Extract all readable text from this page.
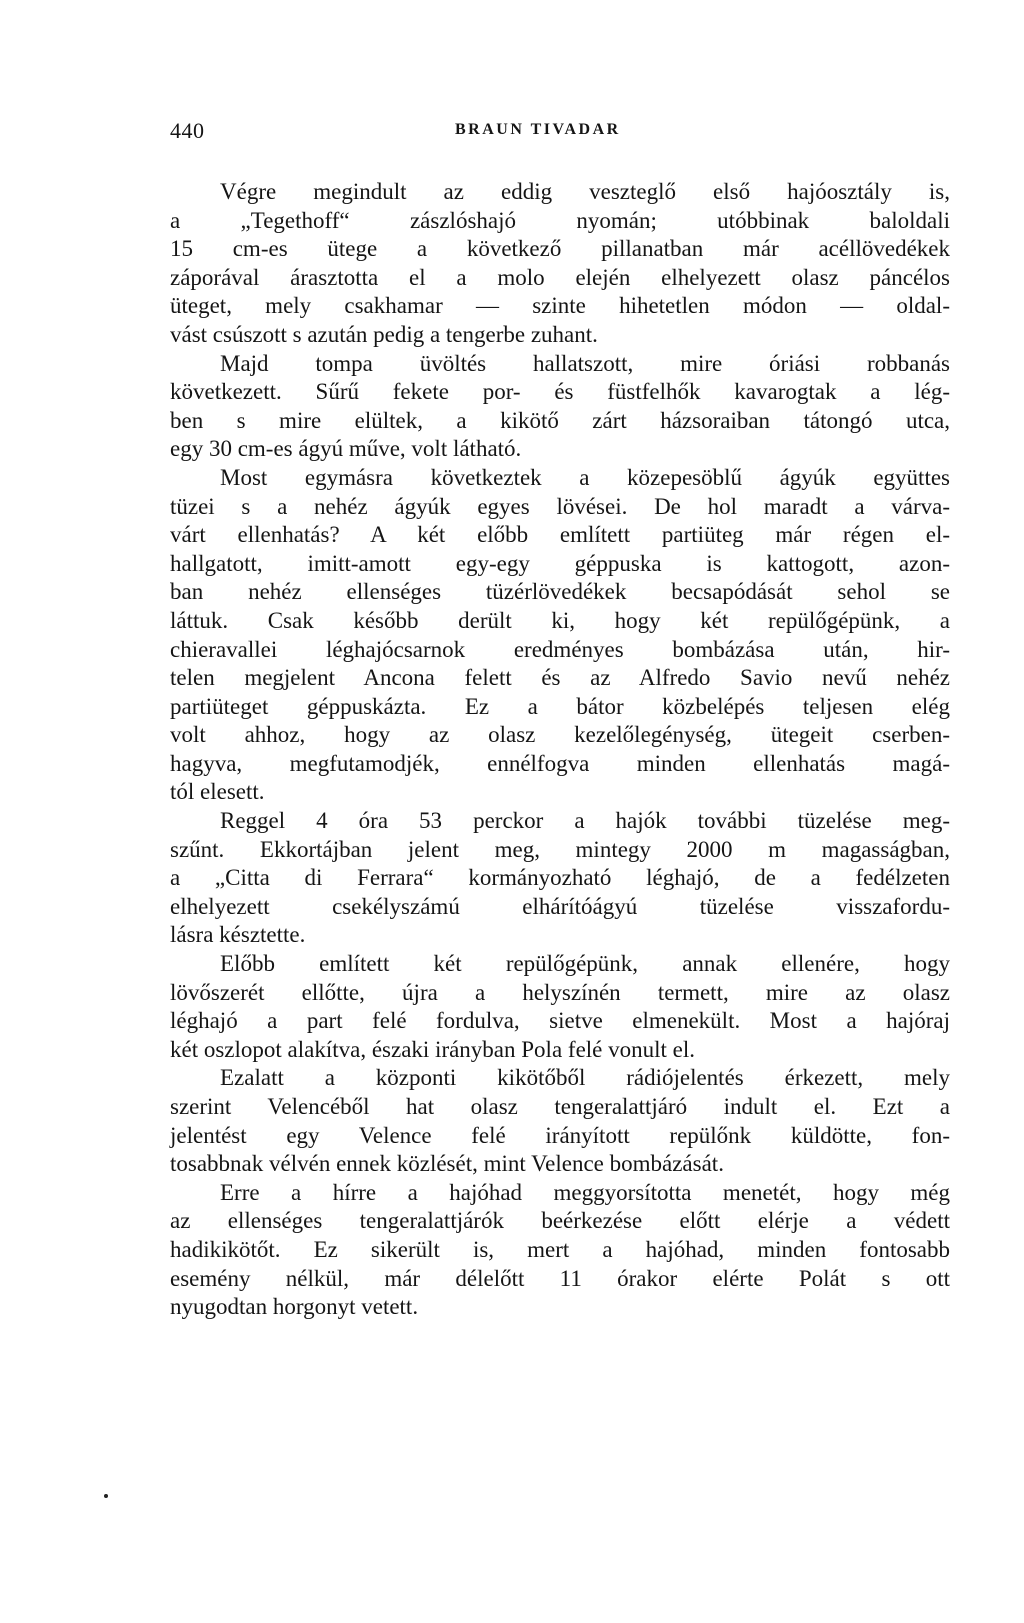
440	BRAUN TIVADAR
Végre megindult az eddig veszteglő első hajóosztály is,
a „Tegethoff“ zászlóshajó nyomán; utóbbinak baloldali
15 cm-es ütegе a következő pillanatban már acéllövedékek
záporával árasztotta el a molo elején elhelyezett olasz páncélos
üteget, mely csakhamar — szinte hihetetlen módon — oldal-
vást csúszott s azután pedig a tengerbe zuhant.
Majd tompa üvöltés hallatszott, mire óriási robbanás
következett. Sűrű fekete por- és füstfelhők kavarogtak a lég-
ben s mire elültek, a kikötő zárt házsoraiban tátongó utca,
egy 30 cm-es ágyú műve, volt látható.
Most egymásra következtek a közepesöblű ágyúk együttes
tüzei s a nehéz ágyúk egyes lövései. De hol maradt a várva-
várt ellenhatás? A két előbb említett partiüteg már régen el-
hallgatott, imitt-amott egy-egy géppuska is kattogott, azon-
ban nehéz ellenséges tüzérlövedékek becsapódását sehol se
láttuk. Csak később derült ki, hogy két repülőgépünk, a
chieravallei léghajócsarnok eredményes bombázása után, hir-
telen megjelent Ancona felett és az Alfredo Savio nevű nehéz
partiüteget géppuskázta. Ez a bátor közbelépés teljesen elég
volt ahhoz, hogy az olasz kezelőlegénység, ütegeit cserben-
hagyva, megfutamodjék, ennélfogva minden ellenhatás magá-
tól elesett.
Reggel 4 óra 53 perckor a hajók további tüzelése meg-
szűnt. Ekkortájban jelent meg, mintegy 2000 m magasságban,
a „Citta di Ferrara“ kormányozható léghajó, de a fedélzeten
elhelyezett csekélyszámú elhárítóágyú tüzelése visszafordu-
lásra késztette.
Előbb említett két repülőgépünk, annak ellenére, hogy
lövőszerét ellőtte, újra a helyszínén termett, mire az olasz
léghajó a part felé fordulva, sietve elmenekült. Most a hajóraj
két oszlopot alakítva, északi irányban Pola felé vonult el.
Ezalatt a központi kikötőből rádiójelentés érkezett, mely
szerint Velencéből hat olasz tengeralattjáró indult el. Ezt a
jelentést egy Velence felé irányított repülőnk küldötte, fon-
tosabbnak vélvén ennek közlését, mint Velence bombázását.
Erre a hírre a hajóhad meggyorsította menetét, hogy még
az ellenséges tengeralattjárók beérkezése előtt elérje a védett
hadikikötőt. Ez sikerült is, mert a hajóhad, minden fontosabb
esemény nélkül, már délelőtt 11 órakor elérte Polát s ott
nyugodtan horgonyt vetett.
